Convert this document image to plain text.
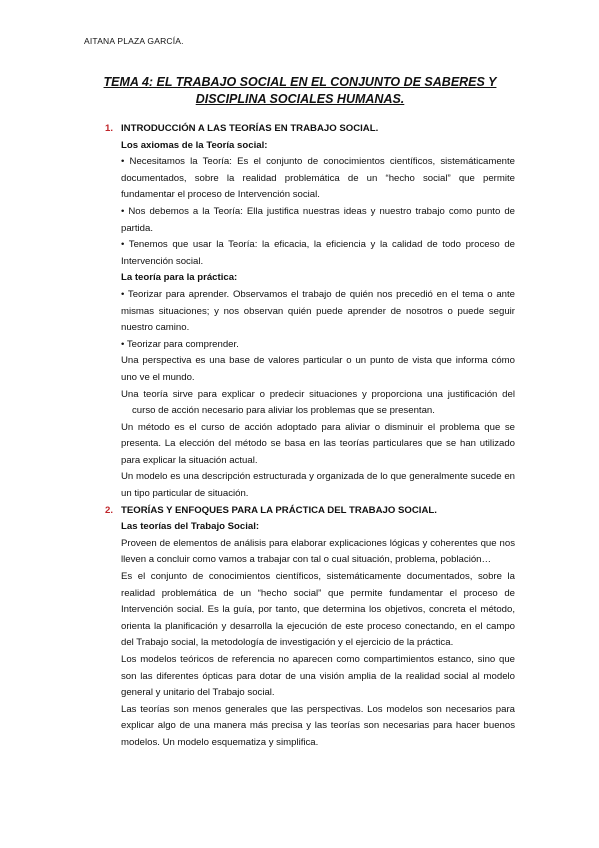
AITANA PLAZA GARCÍA.
TEMA 4: EL TRABAJO SOCIAL EN EL CONJUNTO DE SABERES Y
DISCIPLINA SOCIALES HUMANAS.
1. INTRODUCCIÓN A LAS TEORÍAS EN TRABAJO SOCIAL.

Los axiomas de la Teoría social:

• Necesitamos la Teoría: Es el conjunto de conocimientos científicos, sistemáticamente documentados, sobre la realidad problemática de un “hecho social” que permite fundamentar el proceso de Intervención social.

• Nos debemos a la Teoría: Ella justifica nuestras ideas y nuestro trabajo como punto de partida.

• Tenemos que usar la Teoría: la eficacia, la eficiencia y la calidad de todo proceso de Intervención social.

La teoría para la práctica:

• Teorizar para aprender. Observamos el trabajo de quién nos precedió en el tema o ante mismas situaciones; y nos observan quién puede aprender de nosotros o puede seguir nuestro camino.

• Teorizar para comprender.

Una perspectiva es una base de valores particular o un punto de vista que informa cómo uno ve el mundo.

Una teoría sirve para explicar o predecir situaciones y proporciona una justificación del curso de acción necesario para aliviar los problemas que se presentan.

Un método es el curso de acción adoptado para aliviar o disminuir el problema que se presenta. La elección del método se basa en las teorías particulares que se han utilizado para explicar la situación actual.

Un modelo es una descripción estructurada y organizada de lo que generalmente sucede en un tipo particular de situación.

2. TEORÍAS Y ENFOQUES PARA LA PRÁCTICA DEL TRABAJO SOCIAL.

Las teorías del Trabajo Social:

Proveen de elementos de análisis para elaborar explicaciones lógicas y coherentes que nos lleven a concluir como vamos a trabajar con tal o cual situación, problema, población…

Es el conjunto de conocimientos científicos, sistemáticamente documentados, sobre la realidad problemática de un “hecho social” que permite fundamentar el proceso de Intervención social. Es la guía, por tanto, que determina los objetivos, concreta el método, orienta la planificación y desarrolla la ejecución de este proceso conectando, en el campo del Trabajo social, la metodología de investigación y el ejercicio de la práctica.

Los modelos teóricos de referencia no aparecen como compartimientos estanco, sino que son las diferentes ópticas para dotar de una visión amplia de la realidad social al modelo general y unitario del Trabajo social.

Las teorías son menos generales que las perspectivas. Los modelos son necesarios para explicar algo de una manera más precisa y las teorías son necesarias para hacer buenos modelos. Un modelo esquematiza y simplifica.
